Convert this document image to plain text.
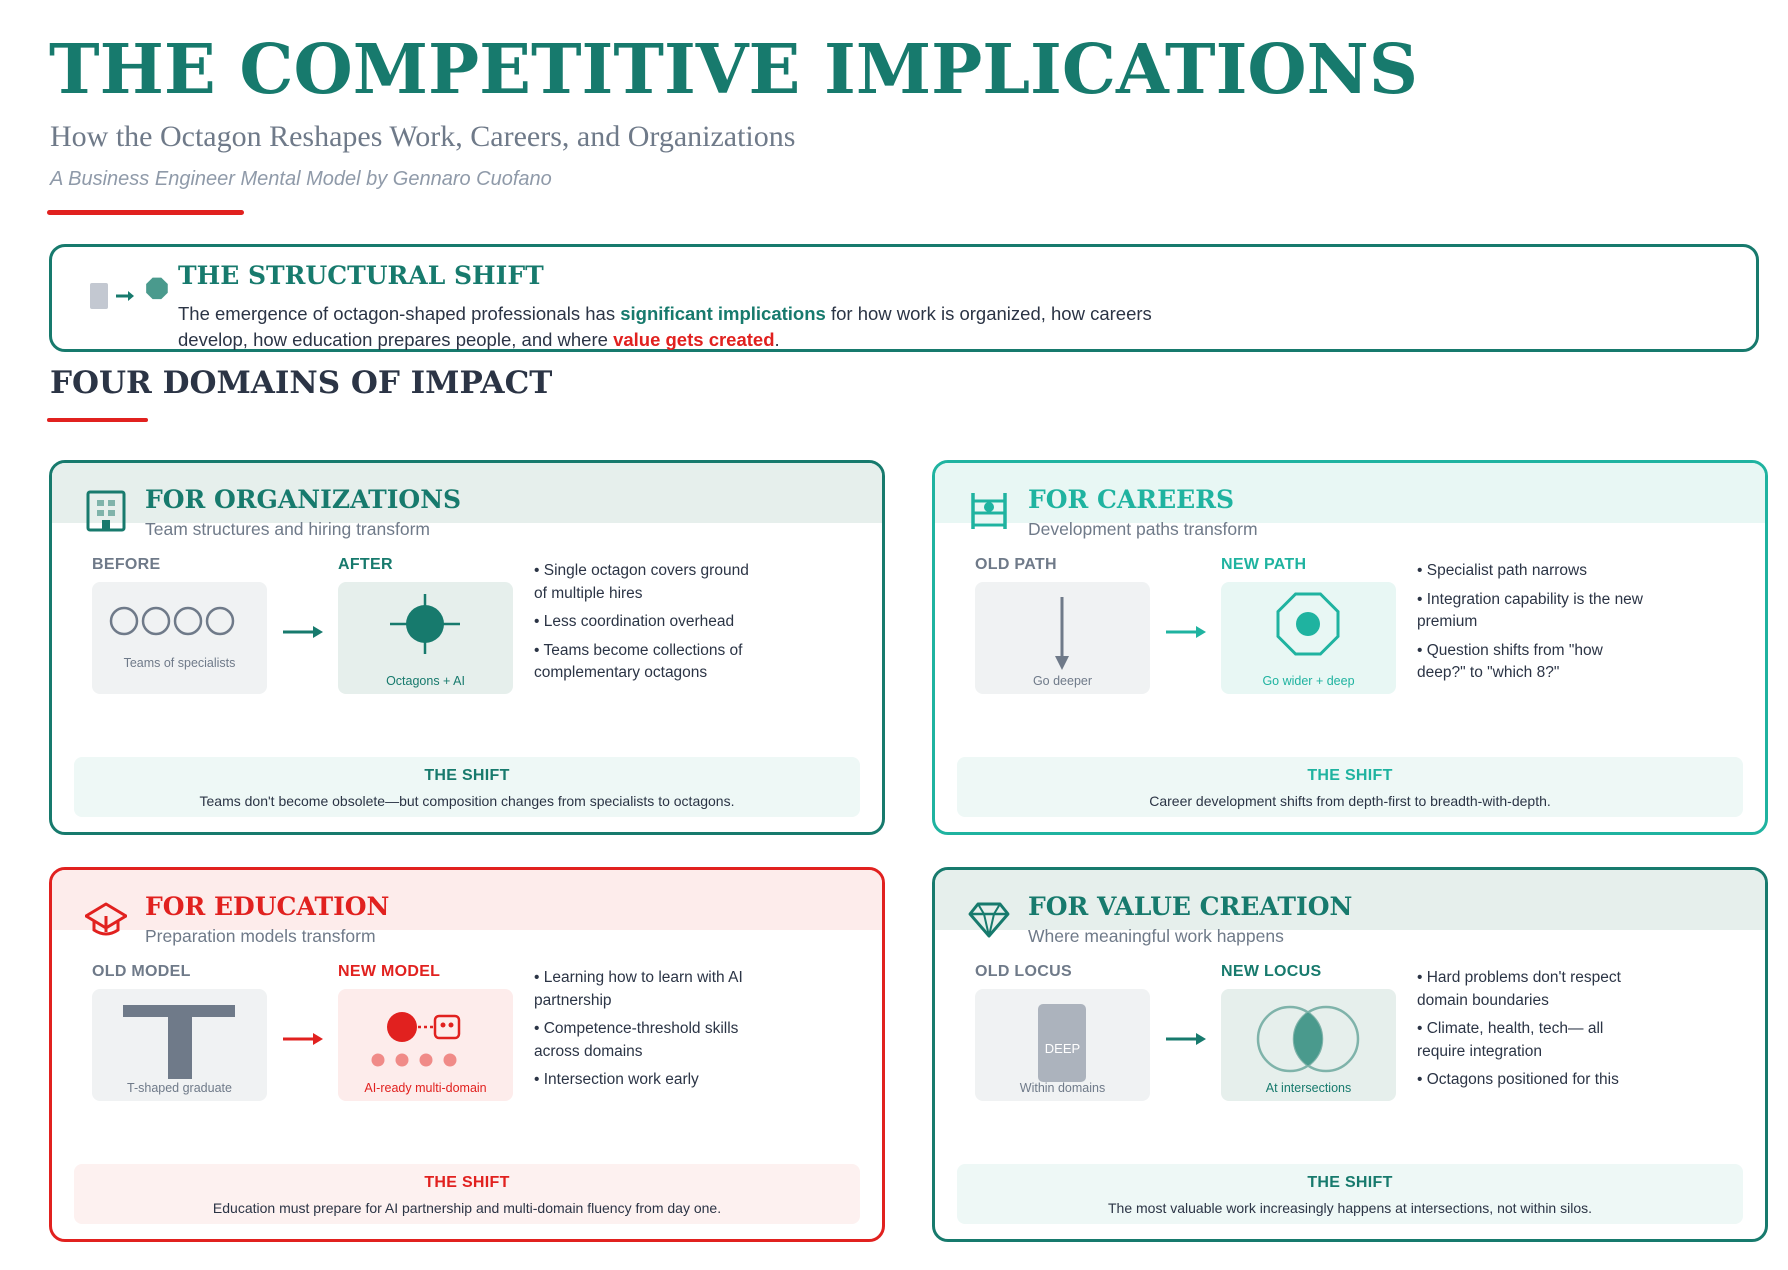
THE COMPETITIVE IMPLICATIONS
How the Octagon Reshapes Work, Careers, and Organizations
A Business Engineer Mental Model by Gennaro Cuofano
THE STRUCTURAL SHIFT
The emergence of octagon-shaped professionals has significant implications for how work is organized, how careers develop, how education prepares people, and where value gets created.
FOUR DOMAINS OF IMPACT
FOR ORGANIZATIONS
Team structures and hiring transform
BEFORE	AFTER
Teams of specialists
Octagons + AI
• Single octagon covers ground of multiple hires
• Less coordination overhead
• Teams become collections of complementary octagons
THE SHIFT
Teams don't become obsolete—but composition changes from specialists to octagons.
FOR CAREERS
Development paths transform
OLD PATH	NEW PATH
Go deeper	Go wider + deep
• Specialist path narrows
• Integration capability is the new premium
• Question shifts from "how deep?" to "which 8?"
THE SHIFT
Career development shifts from depth-first to breadth-with-depth.
FOR EDUCATION
Preparation models transform
OLD MODEL	NEW MODEL
T-shaped graduate	AI-ready multi-domain
• Learning how to learn with AI partnership
• Competence-threshold skills across domains
• Intersection work early
THE SHIFT
Education must prepare for AI partnership and multi-domain fluency from day one.
FOR VALUE CREATION
Where meaningful work happens
OLD LOCUS	NEW LOCUS
DEEP
Within domains	At intersections
• Hard problems don't respect domain boundaries
• Climate, health, tech— all require integration
• Octagons positioned for this
THE SHIFT
The most valuable work increasingly happens at intersections, not within silos.
